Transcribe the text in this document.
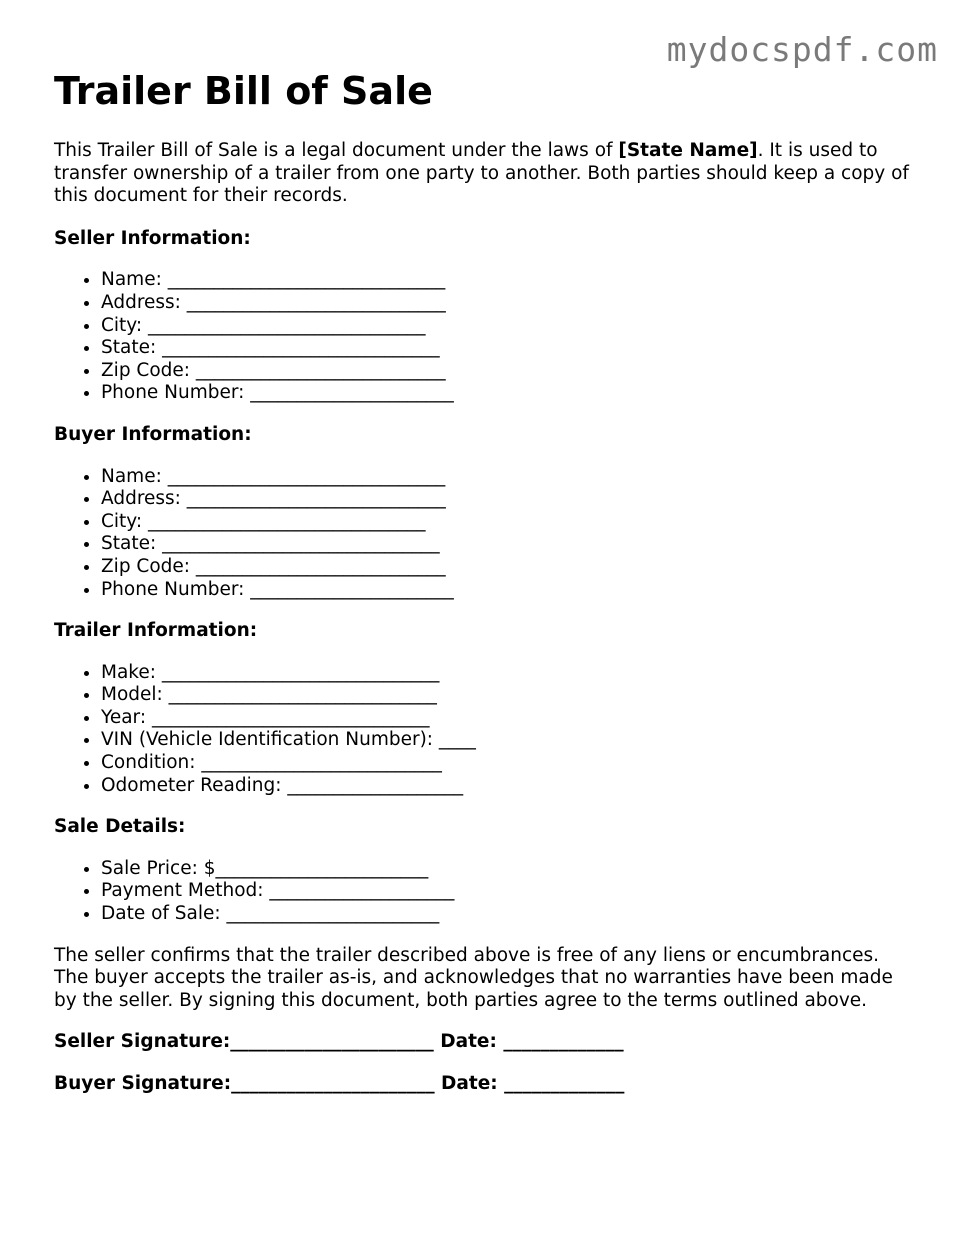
mydocspdf.com
Trailer Bill of Sale

This Trailer Bill of Sale is a legal document under the laws of [State Name]. It is used to transfer ownership of a trailer from one party to another. Both parties should keep a copy of this document for their records.

Seller Information:
• Name: ______________________________
• Address: ____________________________
• City: ______________________________
• State: ______________________________
• Zip Code: ___________________________
• Phone Number: ______________________
Buyer Information:
• Name: ______________________________
• Address: ____________________________
• City: ______________________________
• State: ______________________________
• Zip Code: ___________________________
• Phone Number: ______________________
Trailer Information:
• Make: ______________________________
• Model: _____________________________
• Year: ______________________________
• VIN (Vehicle Identification Number): ____
• Condition: __________________________
• Odometer Reading: ___________________
Sale Details:
• Sale Price: $_______________________
• Payment Method: ____________________
• Date of Sale: _______________________

The seller confirms that the trailer described above is free of any liens or encumbrances. The buyer accepts the trailer as-is, and acknowledges that no warranties have been made by the seller. By signing this document, both parties agree to the terms outlined above.

Seller Signature:______________________ Date: _____________
Buyer Signature:______________________ Date: _____________
